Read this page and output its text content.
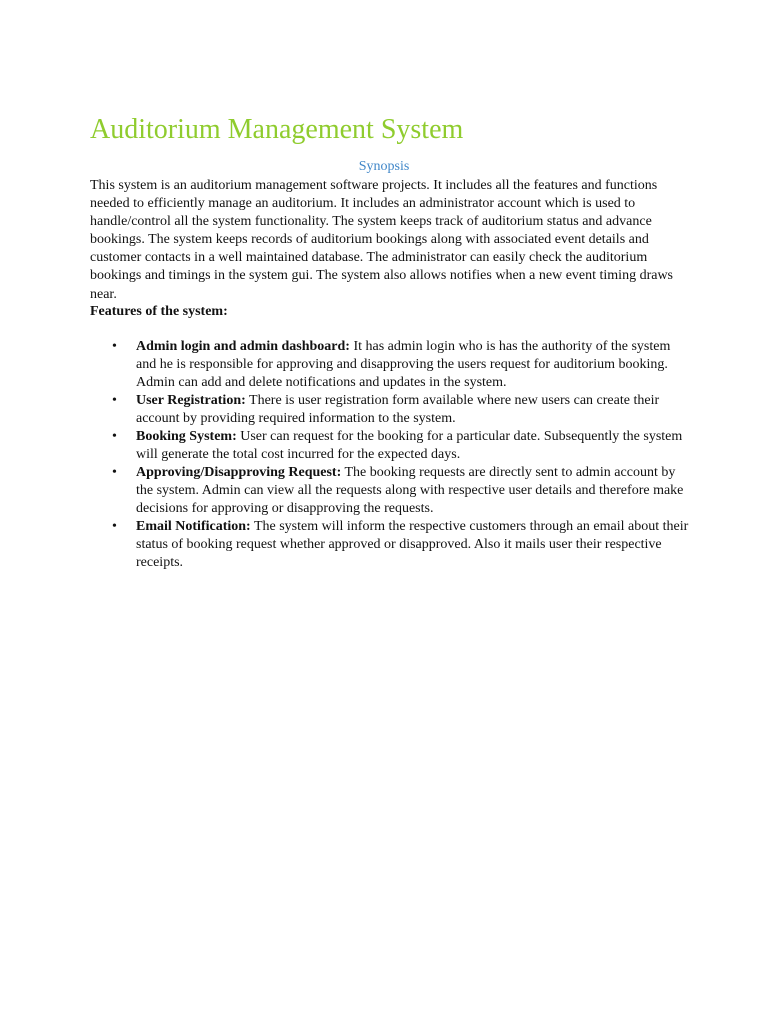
Auditorium Management System
Synopsis

This system is an auditorium management software projects. It includes all the features and functions needed to efficiently manage an auditorium. It includes an administrator account which is used to handle/control all the system functionality. The system keeps track of auditorium status and advance bookings. The system keeps records of auditorium bookings along with associated event details and customer contacts in a well maintained database. The administrator can easily check the auditorium bookings and timings in the system gui. The system also allows notifies when a new event timing draws near.

Features of the system:

• Admin login and admin dashboard: It has admin login who is has the authority of the system and he is responsible for approving and disapproving the users request for auditorium booking. Admin can add and delete notifications and updates in the system.
• User Registration: There is user registration form available where new users can create their account by providing required information to the system.
• Booking System: User can request for the booking for a particular date. Subsequently the system will generate the total cost incurred for the expected days.
• Approving/Disapproving Request: The booking requests are directly sent to admin account by the system. Admin can view all the requests along with respective user details and therefore make decisions for approving or disapproving the requests.
• Email Notification: The system will inform the respective customers through an email about their status of booking request whether approved or disapproved. Also it mails user their respective receipts.
